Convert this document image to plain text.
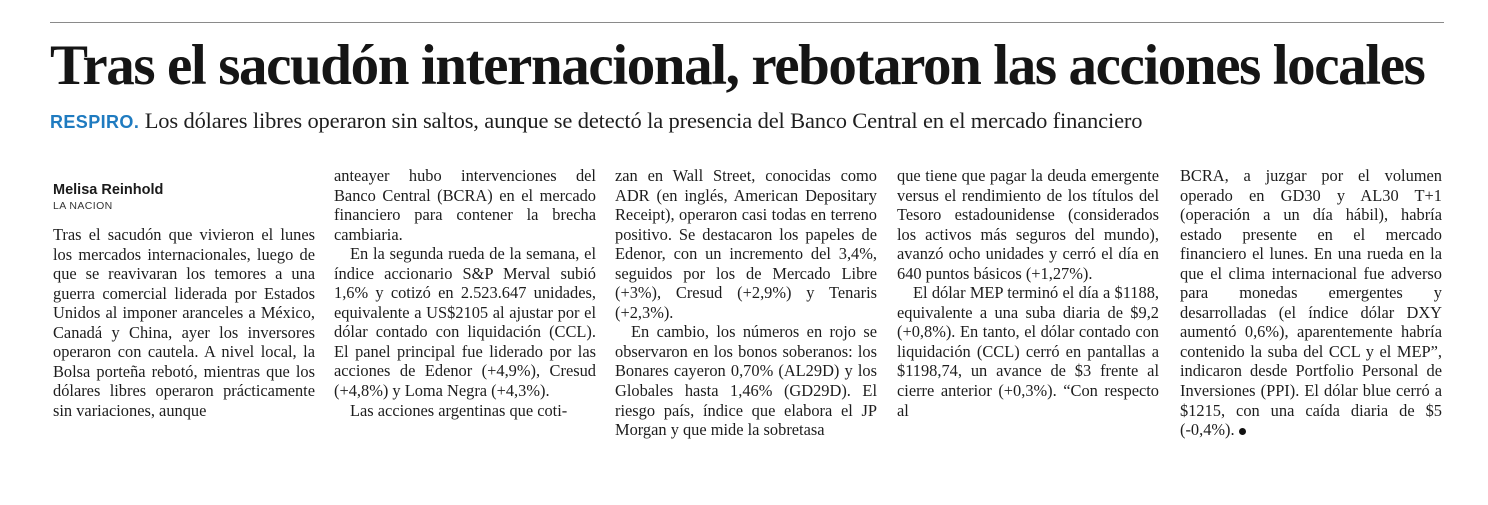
Tras el sacudón internacional, rebotaron las acciones locales
RESPIRO. Los dólares libres operaron sin saltos, aunque se detectó la presencia del Banco Central en el mercado financiero
Melisa Reinhold
LA NACION

Tras el sacudón que vivieron el lunes los mercados internacionales, luego de que se reavivaran los temores a una guerra comercial liderada por Estados Unidos al imponer aranceles a México, Canadá y China, ayer los inversores operaron con cautela. A nivel local, la Bolsa porteña rebotó, mientras que los dólares libres operaron prácticamente sin variaciones, aunque

anteayer hubo intervenciones del Banco Central (BCRA) en el mercado financiero para contener la brecha cambiaria.

En la segunda rueda de la semana, el índice accionario S&P Merval subió 1,6% y cotizó en 2.523.647 unidades, equivalente a US$2105 al ajustar por el dólar contado con liquidación (CCL). El panel principal fue liderado por las acciones de Edenor (+4,9%), Cresud (+4,8%) y Loma Negra (+4,3%).

Las acciones argentinas que coti-

zan en Wall Street, conocidas como ADR (en inglés, American Depositary Receipt), operaron casi todas en terreno positivo. Se destacaron los papeles de Edenor, con un incremento del 3,4%, seguidos por los de Mercado Libre (+3%), Cresud (+2,9%) y Tenaris (+2,3%).

En cambio, los números en rojo se observaron en los bonos soberanos: los Bonares cayeron 0,70% (AL29D) y los Globales hasta 1,46% (GD29D). El riesgo país, índice que elabora el JP Morgan y que mide la sobretasa

que tiene que pagar la deuda emergente versus el rendimiento de los títulos del Tesoro estadounidense (considerados los activos más seguros del mundo), avanzó ocho unidades y cerró el día en 640 puntos básicos (+1,27%).

El dólar MEP terminó el día a $1188, equivalente a una suba diaria de $9,2 (+0,8%). En tanto, el dólar contado con liquidación (CCL) cerró en pantallas a $1198,74, un avance de $3 frente al cierre anterior (+0,3%). “Con respecto al

BCRA, a juzgar por el volumen operado en GD30 y AL30 T+1 (operación a un día hábil), habría estado presente en el mercado financiero el lunes. En una rueda en la que el clima internacional fue adverso para monedas emergentes y desarrolladas (el índice dólar DXY aumentó 0,6%), aparentemente habría contenido la suba del CCL y el MEP”, indicaron desde Portfolio Personal de Inversiones (PPI). El dólar blue cerró a $1215, con una caída diaria de $5 (-0,4%).
